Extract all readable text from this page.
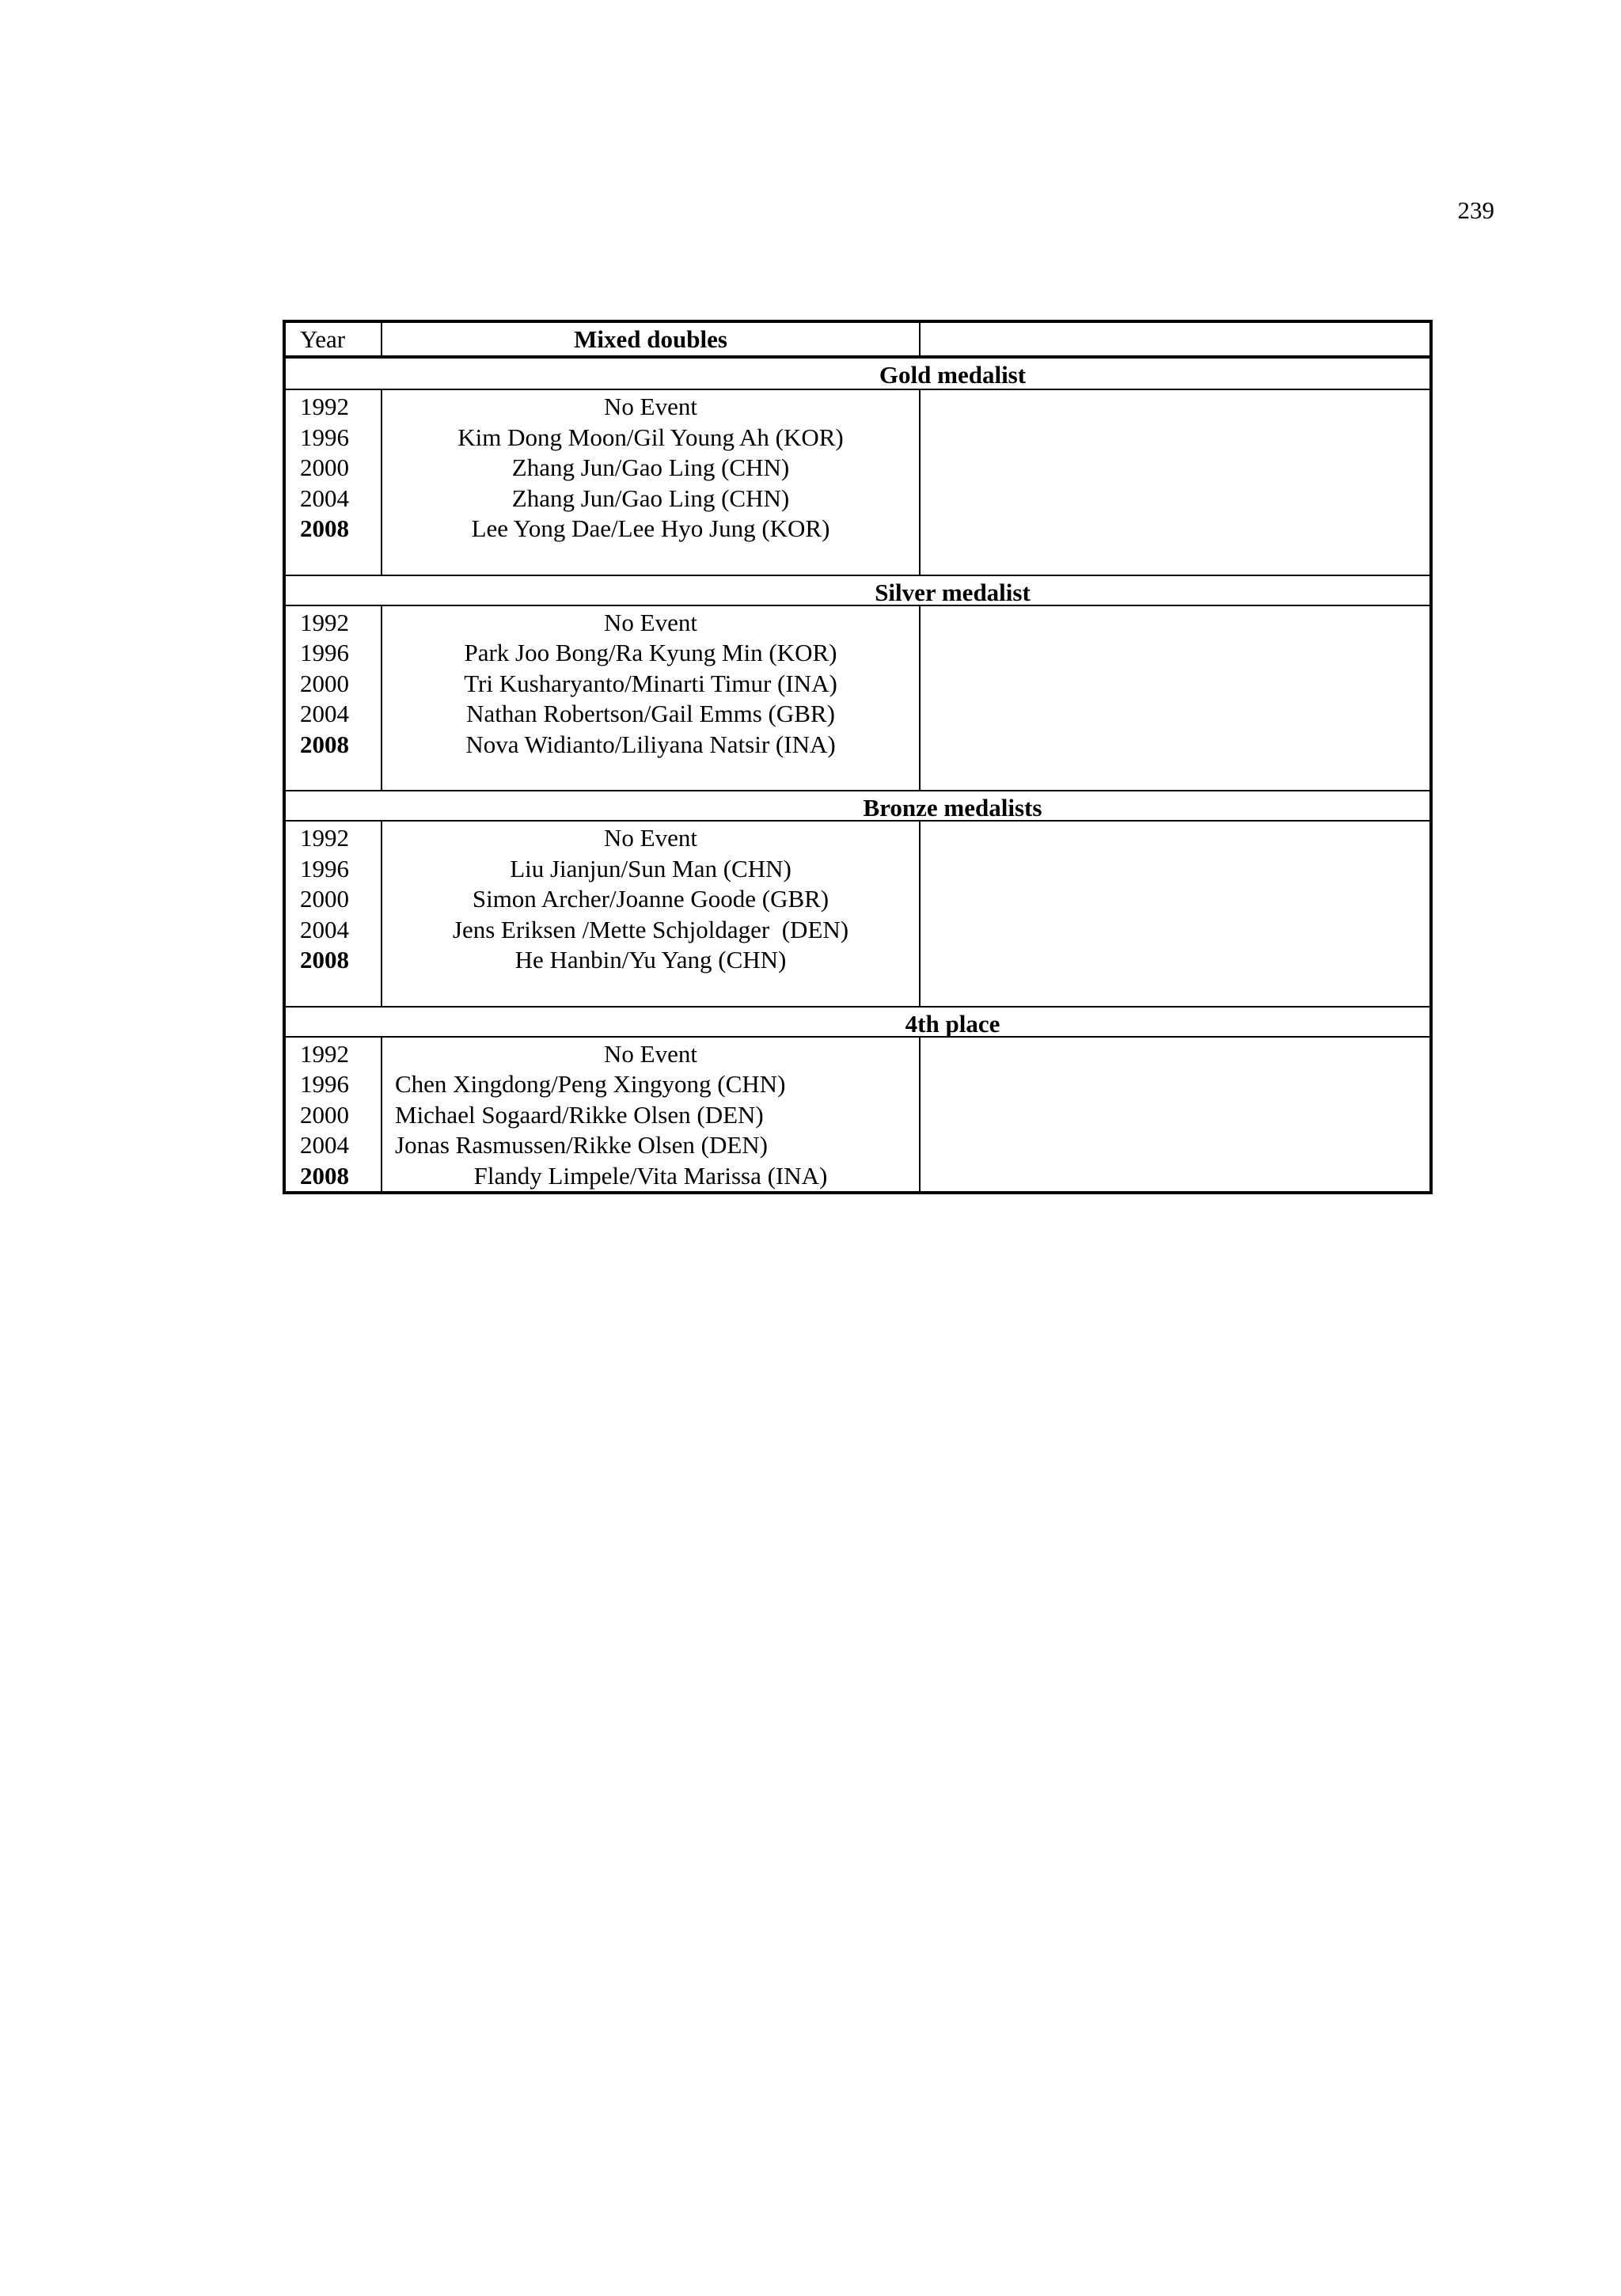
239
Year	Mixed doubles
Gold medalist
1992
1996
2000
2004
2008
No Event
Kim Dong Moon/Gil Young Ah (KOR)
Zhang Jun/Gao Ling (CHN)
Zhang Jun/Gao Ling (CHN)
Lee Yong Dae/Lee Hyo Jung (KOR)
Silver medalist
1992
1996
2000
2004
2008
No Event
Park Joo Bong/Ra Kyung Min (KOR)
Tri Kusharyanto/Minarti Timur (INA)
Nathan Robertson/Gail Emms (GBR)
Nova Widianto/Liliyana Natsir (INA)
Bronze medalists
1992
1996
2000
2004
2008
No Event
Liu Jianjun/Sun Man (CHN)
Simon Archer/Joanne Goode (GBR)
Jens Eriksen /Mette Schjoldager  (DEN)
He Hanbin/Yu Yang (CHN)
4th place
1992
1996
2000
2004
2008
No Event
Chen Xingdong/Peng Xingyong (CHN)
Michael Sogaard/Rikke Olsen (DEN)
Jonas Rasmussen/Rikke Olsen (DEN)
Flandy Limpele/Vita Marissa (INA)
